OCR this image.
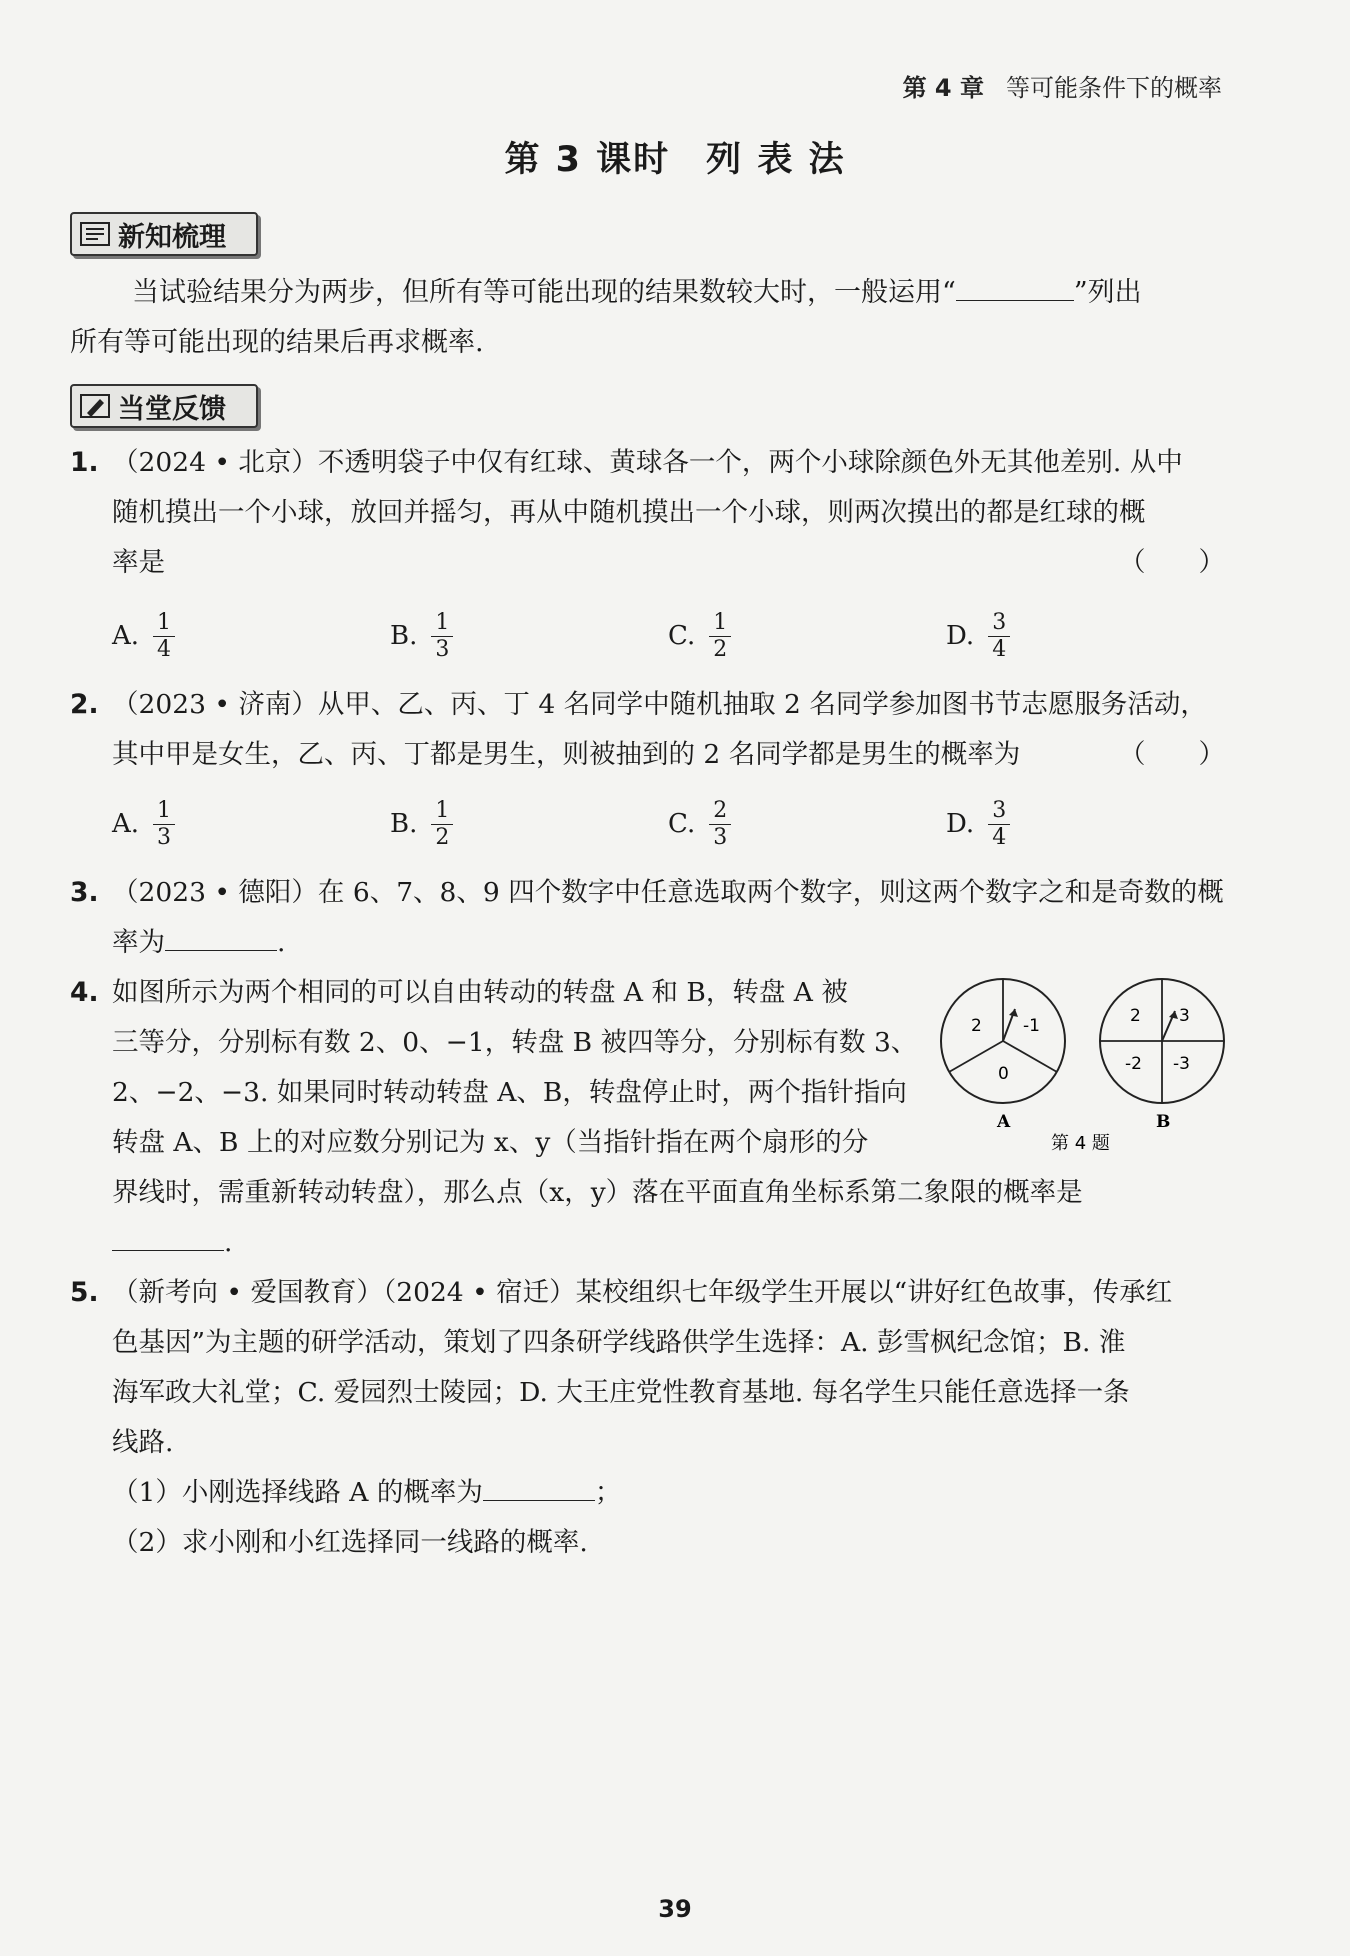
第 4 章 等可能条件下的概率
第 3 课时 列 表 法
新知梳理
当试验结果分为两步，但所有等可能出现的结果数较大时，一般运用“	”列出
所有等可能出现的结果后再求概率.
当堂反馈
1. （2024 • 北京）不透明袋子中仅有红球、黄球各一个，两个小球除颜色外无其他差别. 从中
随机摸出一个小球，放回并摇匀，再从中随机摸出一个小球，则两次摸出的都是红球的概
率是	（　　）
A. $\frac{1}{4}$	B. $\frac{1}{3}$	C. $\frac{1}{2}$	D. $\frac{3}{4}$
2. （2023 • 济南）从甲、乙、丙、丁 4 名同学中随机抽取 2 名同学参加图书节志愿服务活动，
其中甲是女生，乙、丙、丁都是男生，则被抽到的 2 名同学都是男生的概率为	（　　）
A. $\frac{1}{3}$	B. $\frac{1}{2}$	C. $\frac{2}{3}$	D. $\frac{3}{4}$
3. （2023 • 德阳）在 6、7、8、9 四个数字中任意选取两个数字，则这两个数字之和是奇数的概
率为	.
4. 如图所示为两个相同的可以自由转动的转盘 A 和 B，转盘 A 被
三等分，分别标有数 2、0、−1，转盘 B 被四等分，分别标有数 3、
2、−2、−3. 如果同时转动转盘 A、B，转盘停止时，两个指针指向
转盘 A、B 上的对应数分别记为 x、y（当指针指在两个扇形的分
界线时，需重新转动转盘），那么点（x，y）落在平面直角坐标系第二象限的概率是
.
2 -1
0
A
2 3
-2 -3
B
第 4 题
5. （新考向 • 爱国教育）（2024 • 宿迁）某校组织七年级学生开展以“讲好红色故事，传承红
色基因”为主题的研学活动，策划了四条研学线路供学生选择：A. 彭雪枫纪念馆；B. 淮
海军政大礼堂；C. 爱园烈士陵园；D. 大王庄党性教育基地. 每名学生只能任意选择一条
线路.
（1）小刚选择线路 A 的概率为	；
（2）求小刚和小红选择同一线路的概率.
39
